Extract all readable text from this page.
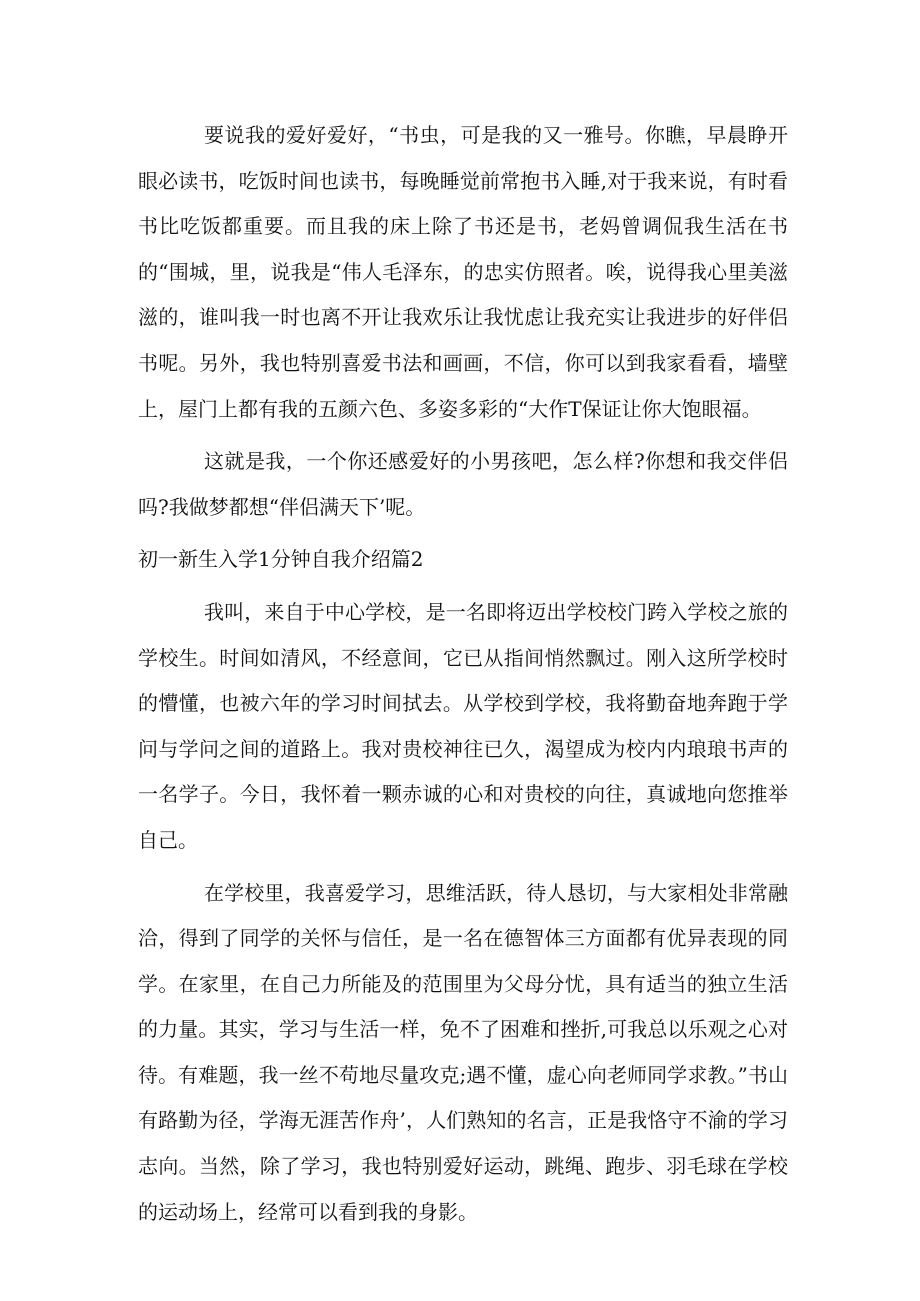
要说我的爱好爱好，“书虫，可是我的又一雅号。你瞧，早晨睁开眼必读书，吃饭时间也读书，每晚睡觉前常抱书入睡,对于我来说，有时看书比吃饭都重要。而且我的床上除了书还是书，老妈曾调侃我生活在书的“围城，里，说我是“伟人毛泽东，的忠实仿照者。唉，说得我心里美滋滋的，谁叫我一时也离不开让我欢乐让我忧虑让我充实让我进步的好伴侣书呢。另外，我也特别喜爱书法和画画，不信，你可以到我家看看，墙壁上，屋门上都有我的五颜六色、多姿多彩的“大作T保证让你大饱眼福。

这就是我，一个你还感爱好的小男孩吧，怎么样?你想和我交伴侣吗?我做梦都想“伴侣满天下’呢。

初一新生入学1分钟自我介绍篇2

我叫，来自于中心学校，是一名即将迈出学校校门跨入学校之旅的学校生。时间如清风，不经意间，它已从指间悄然飘过。刚入这所学校时的懵懂，也被六年的学习时间拭去。从学校到学校，我将勤奋地奔跑于学问与学问之间的道路上。我对贵校神往已久，渴望成为校内内琅琅书声的一名学子。今日，我怀着一颗赤诚的心和对贵校的向往，真诚地向您推举自己。

在学校里，我喜爱学习，思维活跃，待人恳切，与大家相处非常融洽，得到了同学的关怀与信任，是一名在德智体三方面都有优异表现的同学。在家里，在自己力所能及的范围里为父母分忧，具有适当的独立生活的力量。其实，学习与生活一样，免不了困难和挫折,可我总以乐观之心对待。有难题，我一丝不苟地尽量攻克;遇不懂，虚心向老师同学求教。”书山有路勤为径，学海无涯苦作舟’，人们熟知的名言，正是我恪守不渝的学习志向。当然，除了学习，我也特别爱好运动，跳绳、跑步、羽毛球在学校的运动场上，经常可以看到我的身影。
